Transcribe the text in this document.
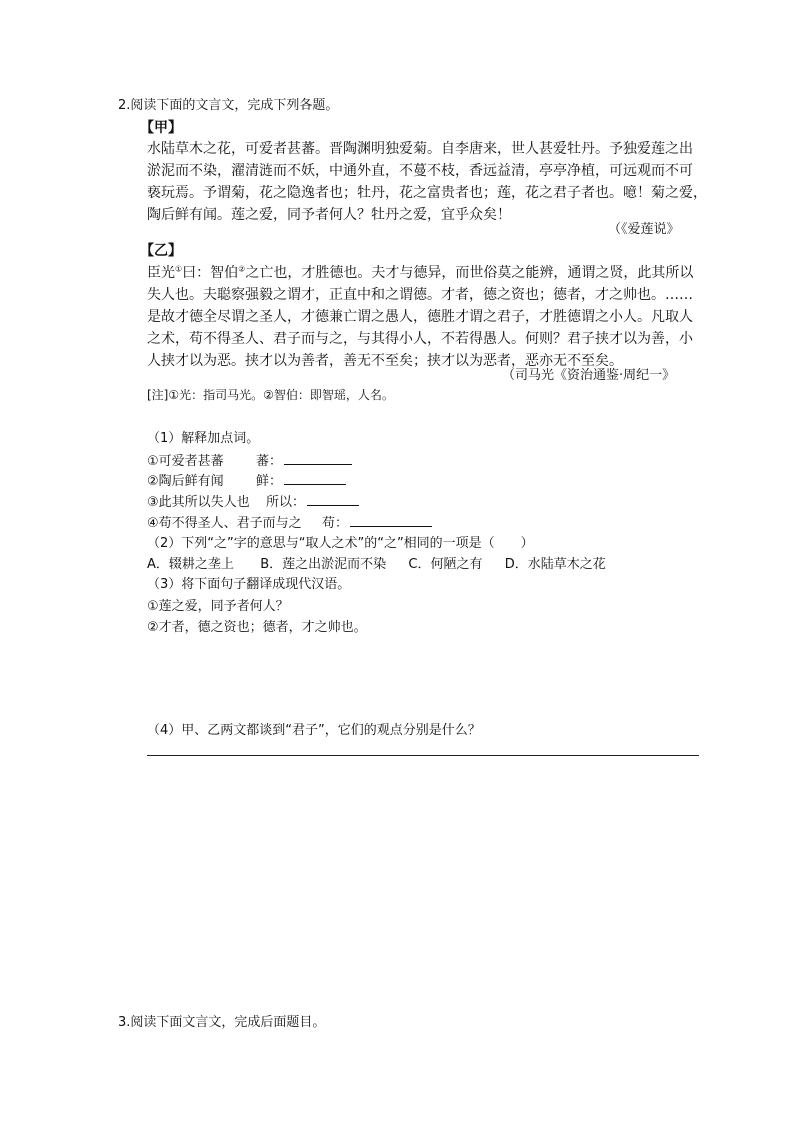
2.阅读下面的文言文，完成下列各题。
【甲】
水陆草木之花，可爱者甚蕃。晋陶渊明独爱菊。自李唐来，世人甚爱牡丹。予独爱莲之出
淤泥而不染，濯清涟而不妖，中通外直，不蔓不枝，香远益清，亭亭净植，可远观而不可
亵玩焉。予谓菊，花之隐逸者也；牡丹，花之富贵者也；莲，花之君子者也。噫！菊之爱，
陶后鲜有闻。莲之爱，同予者何人？牡丹之爱，宜乎众矣！
（《爱莲说》
【乙】
臣光①曰：智伯②之亡也，才胜德也。夫才与德异，而世俗莫之能辨，通谓之贤，此其所以
失人也。夫聪察强毅之谓才，正直中和之谓德。才者，德之资也；德者，才之帅也。……
是故才德全尽谓之圣人，才德兼亡谓之愚人，德胜才谓之君子，才胜德谓之小人。凡取人
之术，苟不得圣人、君子而与之，与其得小人，不若得愚人。何则？君子挟才以为善，小
人挟才以为恶。挟才以为善者，善无不至矣；挟才以为恶者，恶亦无不至矣。
（司马光《资治通鉴·周纪一》
[注]①光：指司马光。②智伯：即智瑶，人名。
（1）解释加点词。
①可爱者甚蕃 蕃：
②陶后鲜有闻 鲜：
③此其所以失人也 所以：
④苟不得圣人、君子而与之 苟：
（2）下列“之”字的意思与“取人之术”的“之”相同的一项是（　　）
A．辍耕之垄上 B．莲之出淤泥而不染 C．何陋之有 D．水陆草木之花
（3）将下面句子翻译成现代汉语。
①莲之爱，同予者何人？
②才者，德之资也；德者，才之帅也。
（4）甲、乙两文都谈到“君子”，它们的观点分别是什么？
3.阅读下面文言文，完成后面题目。
